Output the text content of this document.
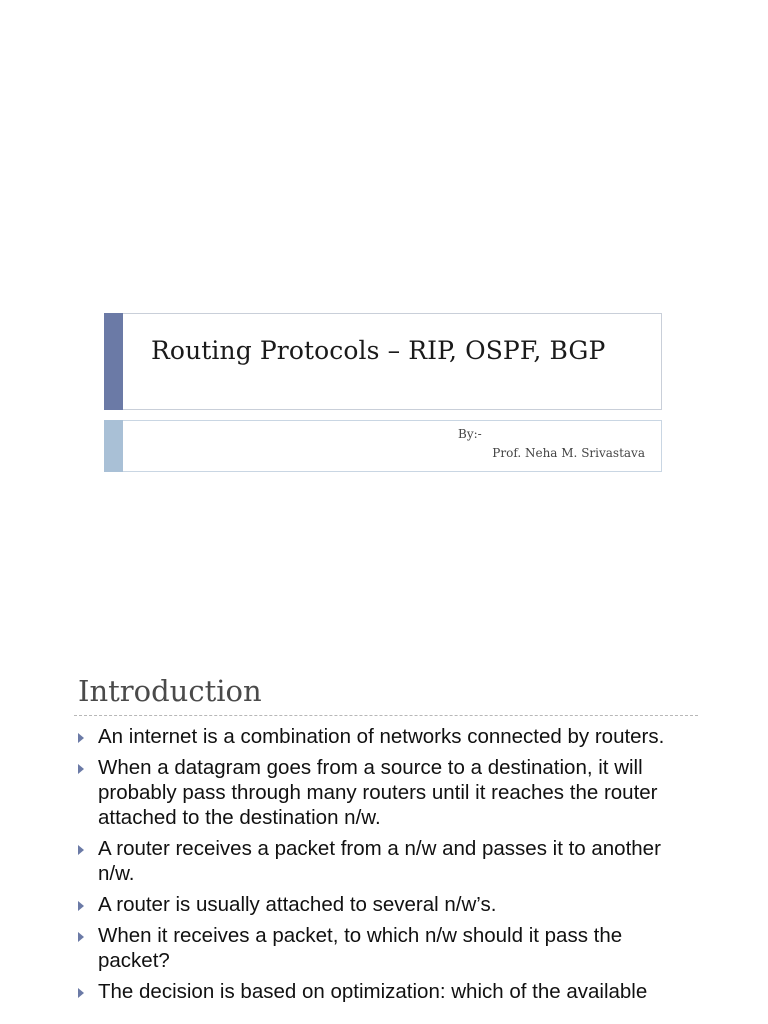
Routing Protocols – RIP, OSPF, BGP
By:-
Prof. Neha M. Srivastava
Introduction
An internet is a combination of networks connected by routers.
When a datagram goes from a source to a destination, it will probably pass through many routers until it reaches the router attached to the destination n/w.
A router receives a packet from a n/w and passes it to another n/w.
A router is usually attached to several n/w’s.
When it receives a packet, to which n/w should it pass the packet?
The decision is based on optimization: which of the available
